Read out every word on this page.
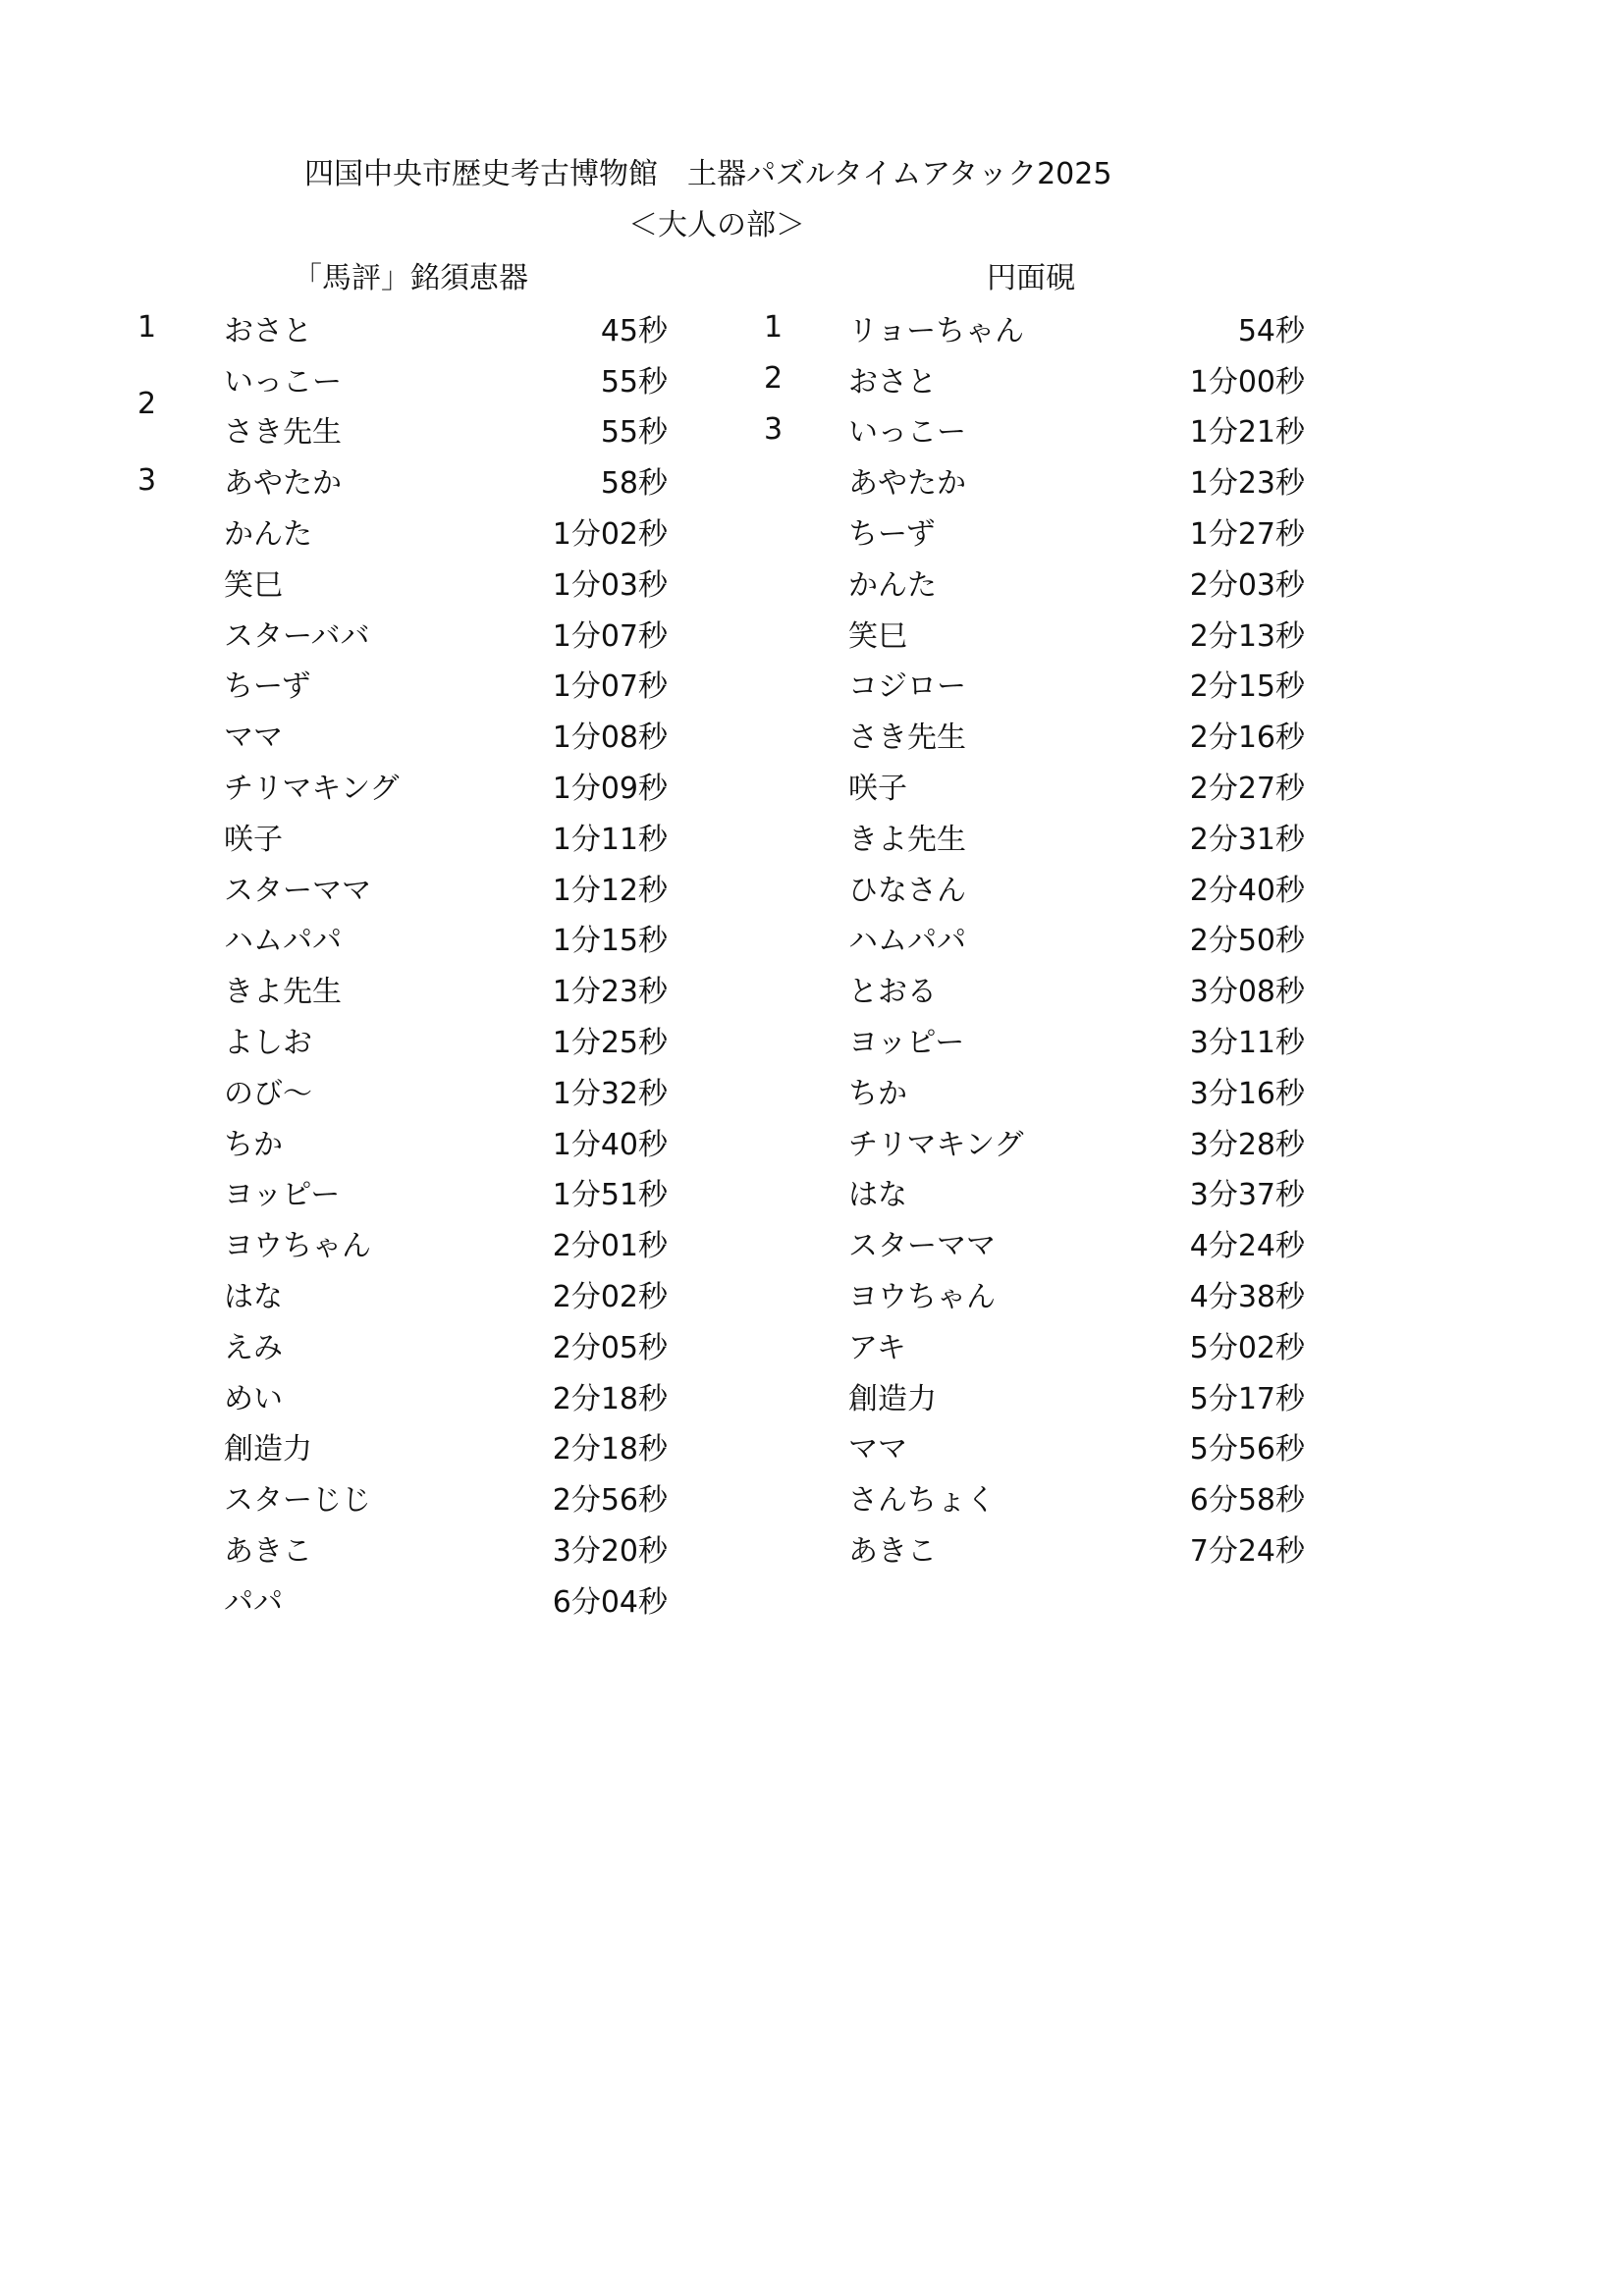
四国中央市歴史考古博物館　土器パズルタイムアタック2025
＜大人の部＞
「馬評」銘須恵器	円面硯
1	おさと	45秒
2	いっこー	55秒
	さき先生	55秒
3	あやたか	58秒
	かんた	1分02秒
	笑巳	1分03秒
	スターババ	1分07秒
	ちーず	1分07秒
	ママ	1分08秒
	チリマキング	1分09秒
	咲子	1分11秒
	スターママ	1分12秒
	ハムパパ	1分15秒
	きよ先生	1分23秒
	よしお	1分25秒
	のび〜	1分32秒
	ちか	1分40秒
	ヨッピー	1分51秒
	ヨウちゃん	2分01秒
	はな	2分02秒
	えみ	2分05秒
	めい	2分18秒
	創造力	2分18秒
	スターじじ	2分56秒
	あきこ	3分20秒
	パパ	6分04秒
1	リョーちゃん	54秒
2	おさと	1分00秒
3	いっこー	1分21秒
	あやたか	1分23秒
	ちーず	1分27秒
	かんた	2分03秒
	笑巳	2分13秒
	コジロー	2分15秒
	さき先生	2分16秒
	咲子	2分27秒
	きよ先生	2分31秒
	ひなさん	2分40秒
	ハムパパ	2分50秒
	とおる	3分08秒
	ヨッピー	3分11秒
	ちか	3分16秒
	チリマキング	3分28秒
	はな	3分37秒
	スターママ	4分24秒
	ヨウちゃん	4分38秒
	アキ	5分02秒
	創造力	5分17秒
	ママ	5分56秒
	さんちょく	6分58秒
	あきこ	7分24秒
